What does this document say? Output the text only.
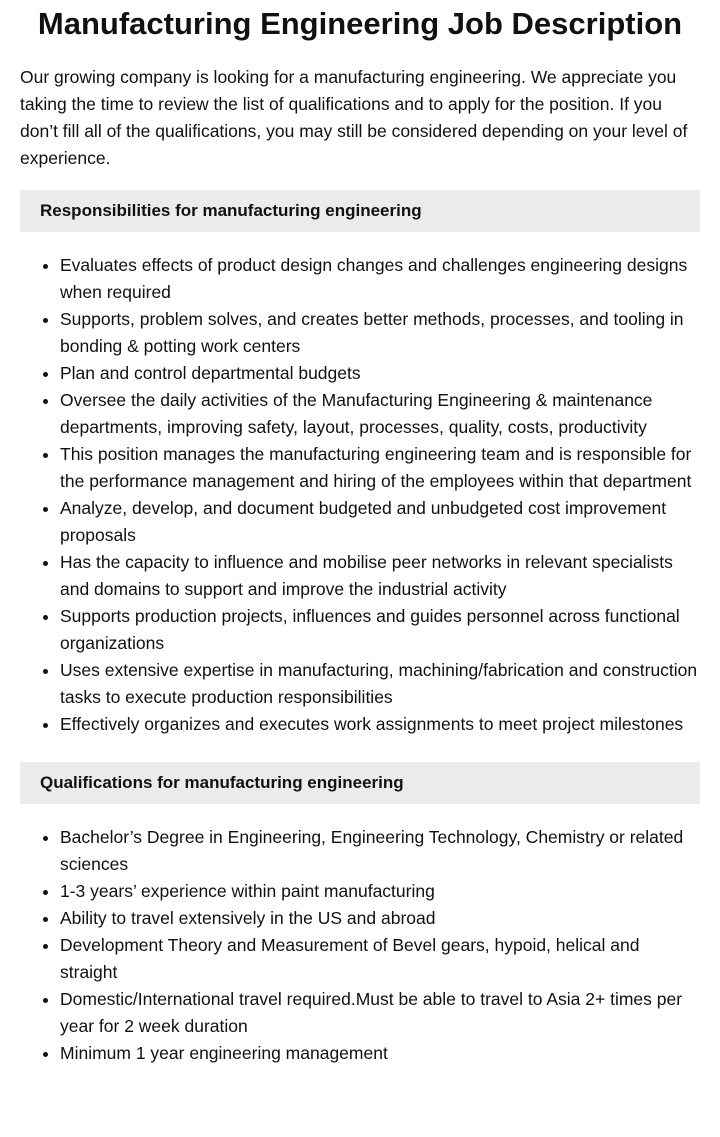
Manufacturing Engineering Job Description

Our growing company is looking for a manufacturing engineering. We appreciate you taking the time to review the list of qualifications and to apply for the position. If you don’t fill all of the qualifications, you may still be considered depending on your level of experience.

Responsibilities for manufacturing engineering
• Evaluates effects of product design changes and challenges engineering designs when required
• Supports, problem solves, and creates better methods, processes, and tooling in bonding & potting work centers
• Plan and control departmental budgets
• Oversee the daily activities of the Manufacturing Engineering & maintenance departments, improving safety, layout, processes, quality, costs, productivity
• This position manages the manufacturing engineering team and is responsible for the performance management and hiring of the employees within that department
• Analyze, develop, and document budgeted and unbudgeted cost improvement proposals
• Has the capacity to influence and mobilise peer networks in relevant specialists and domains to support and improve the industrial activity
• Supports production projects, influences and guides personnel across functional organizations
• Uses extensive expertise in manufacturing, machining/fabrication and construction tasks to execute production responsibilities
• Effectively organizes and executes work assignments to meet project milestones
Qualifications for manufacturing engineering
• Bachelor’s Degree in Engineering, Engineering Technology, Chemistry or related sciences
• 1-3 years’ experience within paint manufacturing
• Ability to travel extensively in the US and abroad
• Development Theory and Measurement of Bevel gears, hypoid, helical and straight
• Domestic/International travel required.Must be able to travel to Asia 2+ times per year for 2 week duration
• Minimum 1 year engineering management
